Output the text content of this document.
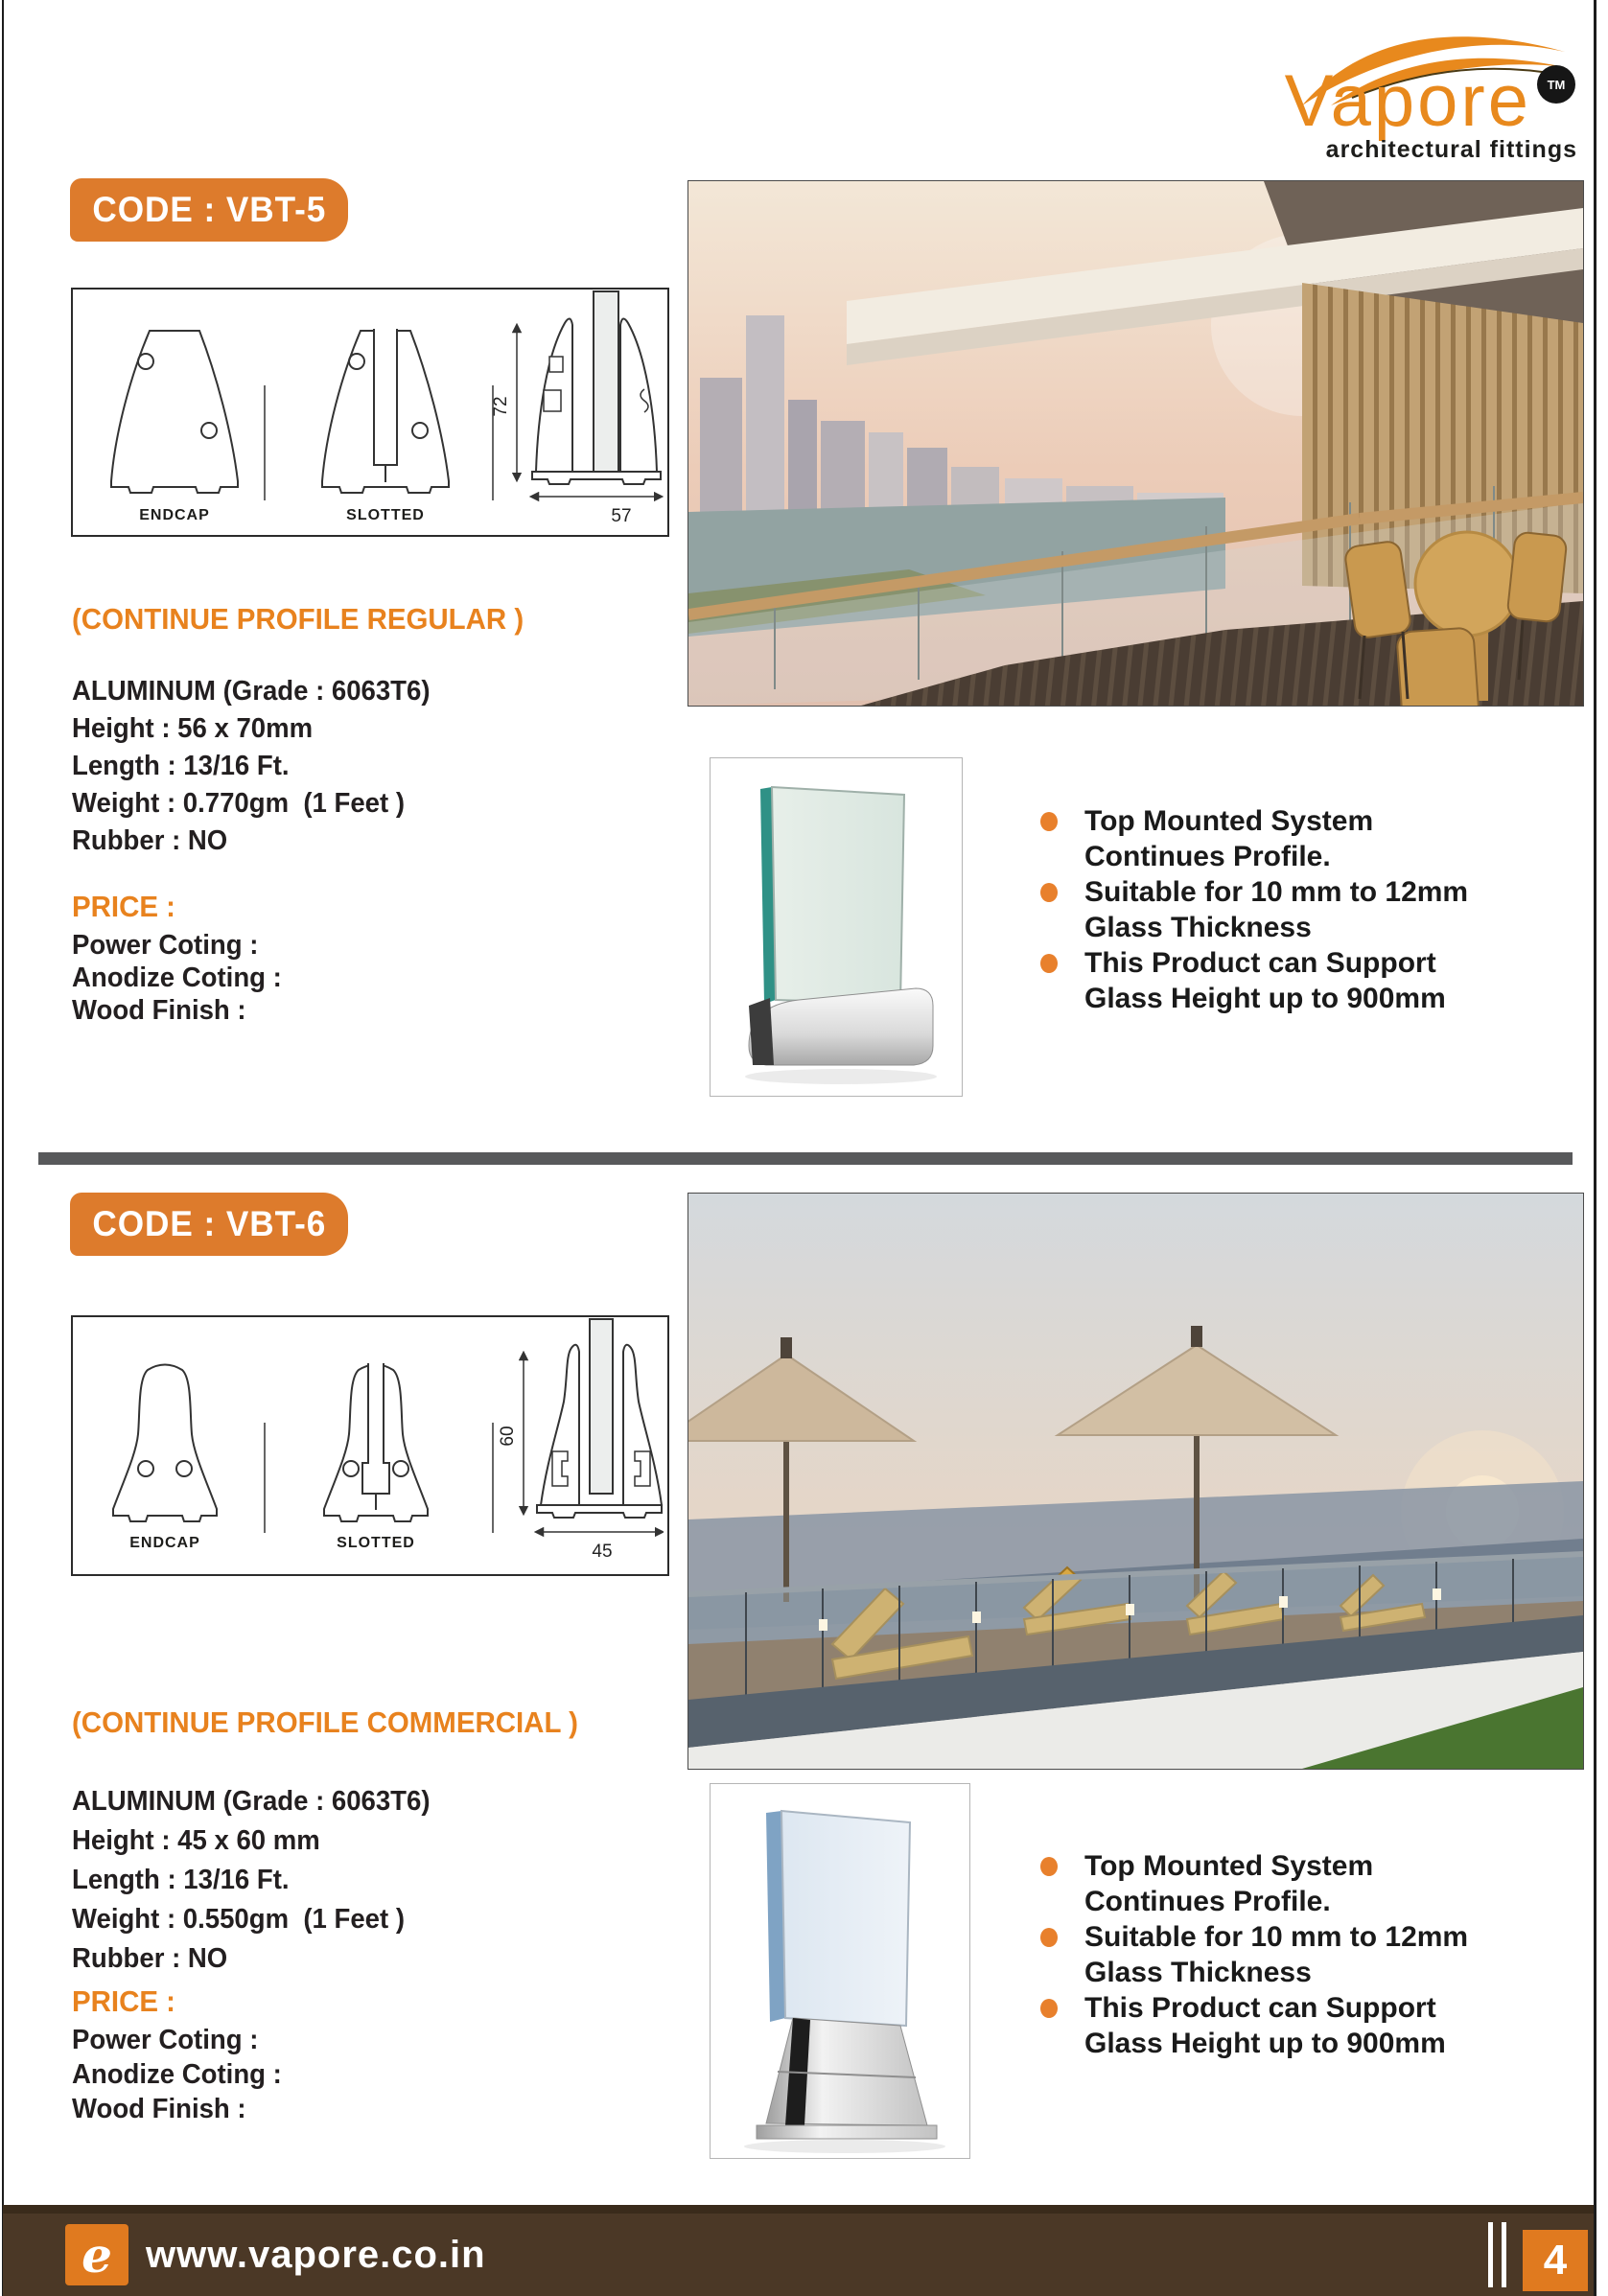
Vapore	TM
architectural fittings
CODE : VBT-5
ENDCAP	SLOTTED
72
57
(CONTINUE PROFILE REGULAR )
ALUMINUM (Grade : 6063T6)
Height : 56 x 70mm
Length : 13/16 Ft.
Weight : 0.770gm  (1 Feet )
Rubber : NO
PRICE :
Power Coting :
Anodize Coting :
Wood Finish :
Top Mounted System
Continues Profile.
Suitable for 10 mm to 12mm
Glass Thickness
This Product can Support
Glass Height up to 900mm
CODE : VBT-6
ENDCAP	SLOTTED
60
45
(CONTINUE PROFILE COMMERCIAL )
ALUMINUM (Grade : 6063T6)
Height : 45 x 60 mm
Length : 13/16 Ft.
Weight : 0.550gm  (1 Feet )
Rubber : NO
PRICE :
Power Coting :
Anodize Coting :
Wood Finish :
Top Mounted System
Continues Profile.
Suitable for 10 mm to 12mm
Glass Thickness
This Product can Support
Glass Height up to 900mm
e www.vapore.co.in	4
